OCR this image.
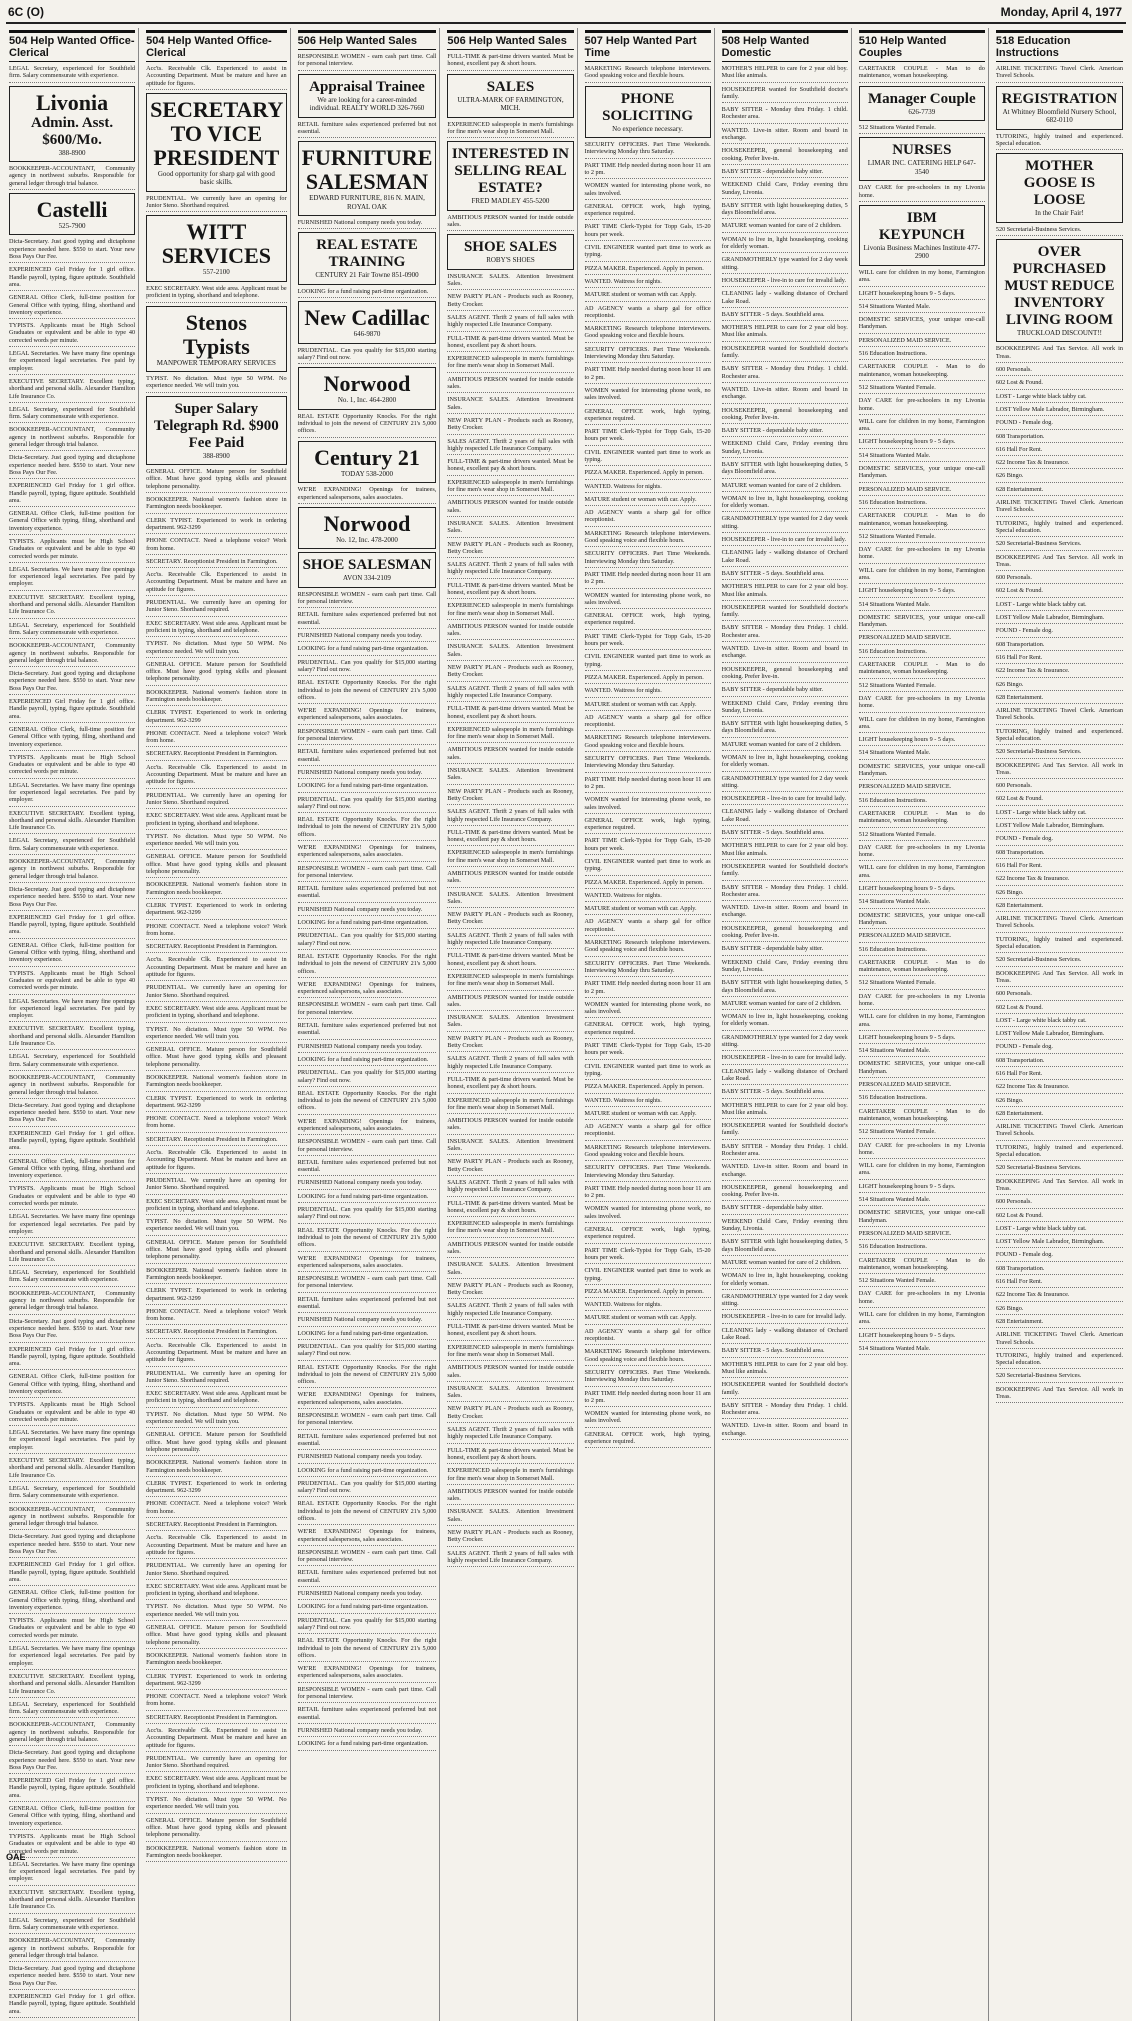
6C (O)	Monday, April 4, 1977
504 Help Wanted Office-Clerical
LEGAL Secretary, experienced for Southfield firm. Salary commensurate with experience.
Livonia
Admin. Asst. $600/Mo.
388-8900
BOOKKEEPER-ACCOUNTANT, Community agency in northwest suburbs. Responsible for general ledger through trial balance.
Castelli
525-7900
Dicta-Secretary. Just good typing and dictaphone experience needed here. $550 to start. Your new Boss Pays Our Fee.
EXPERIENCED Girl Friday for 1 girl office. Handle payroll, typing, figure aptitude. Southfield area.
GENERAL Office Clerk, full-time position for General Office with typing, filing, shorthand and inventory experience.
TYPISTS. Applicants must be High School Graduates or equivalent and be able to type 40 corrected words per minute.
LEGAL Secretaries. We have many fine openings for experienced legal secretaries. Fee paid by employer.
EXECUTIVE SECRETARY. Excellent typing, shorthand and personal skills. Alexander Hamilton Life Insurance Co.
LEGAL Secretary, experienced for Southfield firm. Salary commensurate with experience.
BOOKKEEPER-ACCOUNTANT, Community agency in northwest suburbs. Responsible for general ledger through trial balance.
Dicta-Secretary. Just good typing and dictaphone experience needed here. $550 to start. Your new Boss Pays Our Fee.
EXPERIENCED Girl Friday for 1 girl office. Handle payroll, typing, figure aptitude. Southfield area.
GENERAL Office Clerk, full-time position for General Office with typing, filing, shorthand and inventory experience.
TYPISTS. Applicants must be High School Graduates or equivalent and be able to type 40 corrected words per minute.
LEGAL Secretaries. We have many fine openings for experienced legal secretaries. Fee paid by employer.
EXECUTIVE SECRETARY. Excellent typing, shorthand and personal skills. Alexander Hamilton Life Insurance Co.
LEGAL Secretary, experienced for Southfield firm. Salary commensurate with experience.
BOOKKEEPER-ACCOUNTANT, Community agency in northwest suburbs. Responsible for general ledger through trial balance.
Dicta-Secretary. Just good typing and dictaphone experience needed here. $550 to start. Your new Boss Pays Our Fee.
EXPERIENCED Girl Friday for 1 girl office. Handle payroll, typing, figure aptitude. Southfield area.
GENERAL Office Clerk, full-time position for General Office with typing, filing, shorthand and inventory experience.
TYPISTS. Applicants must be High School Graduates or equivalent and be able to type 40 corrected words per minute.
LEGAL Secretaries. We have many fine openings for experienced legal secretaries. Fee paid by employer.
EXECUTIVE SECRETARY. Excellent typing, shorthand and personal skills. Alexander Hamilton Life Insurance Co.
LEGAL Secretary, experienced for Southfield firm. Salary commensurate with experience.
BOOKKEEPER-ACCOUNTANT, Community agency in northwest suburbs. Responsible for general ledger through trial balance.
Dicta-Secretary. Just good typing and dictaphone experience needed here. $550 to start. Your new Boss Pays Our Fee.
EXPERIENCED Girl Friday for 1 girl office. Handle payroll, typing, figure aptitude. Southfield area.
GENERAL Office Clerk, full-time position for General Office with typing, filing, shorthand and inventory experience.
TYPISTS. Applicants must be High School Graduates or equivalent and be able to type 40 corrected words per minute.
LEGAL Secretaries. We have many fine openings for experienced legal secretaries. Fee paid by employer.
EXECUTIVE SECRETARY. Excellent typing, shorthand and personal skills. Alexander Hamilton Life Insurance Co.
LEGAL Secretary, experienced for Southfield firm. Salary commensurate with experience.
BOOKKEEPER-ACCOUNTANT, Community agency in northwest suburbs. Responsible for general ledger through trial balance.
Dicta-Secretary. Just good typing and dictaphone experience needed here. $550 to start. Your new Boss Pays Our Fee.
EXPERIENCED Girl Friday for 1 girl office. Handle payroll, typing, figure aptitude. Southfield area.
GENERAL Office Clerk, full-time position for General Office with typing, filing, shorthand and inventory experience.
TYPISTS. Applicants must be High School Graduates or equivalent and be able to type 40 corrected words per minute.
LEGAL Secretaries. We have many fine openings for experienced legal secretaries. Fee paid by employer.
EXECUTIVE SECRETARY. Excellent typing, shorthand and personal skills. Alexander Hamilton Life Insurance Co.
LEGAL Secretary, experienced for Southfield firm. Salary commensurate with experience.
BOOKKEEPER-ACCOUNTANT, Community agency in northwest suburbs. Responsible for general ledger through trial balance.
Dicta-Secretary. Just good typing and dictaphone experience needed here. $550 to start. Your new Boss Pays Our Fee.
EXPERIENCED Girl Friday for 1 girl office. Handle payroll, typing, figure aptitude. Southfield area.
GENERAL Office Clerk, full-time position for General Office with typing, filing, shorthand and inventory experience.
TYPISTS. Applicants must be High School Graduates or equivalent and be able to type 40 corrected words per minute.
LEGAL Secretaries. We have many fine openings for experienced legal secretaries. Fee paid by employer.
EXECUTIVE SECRETARY. Excellent typing, shorthand and personal skills. Alexander Hamilton Life Insurance Co.
LEGAL Secretary, experienced for Southfield firm. Salary commensurate with experience.
BOOKKEEPER-ACCOUNTANT, Community agency in northwest suburbs. Responsible for general ledger through trial balance.
Dicta-Secretary. Just good typing and dictaphone experience needed here. $550 to start. Your new Boss Pays Our Fee.
EXPERIENCED Girl Friday for 1 girl office. Handle payroll, typing, figure aptitude. Southfield area.
GENERAL Office Clerk, full-time position for General Office with typing, filing, shorthand and inventory experience.
TYPISTS. Applicants must be High School Graduates or equivalent and be able to type 40 corrected words per minute.
LEGAL Secretaries. We have many fine openings for experienced legal secretaries. Fee paid by employer.
EXECUTIVE SECRETARY. Excellent typing, shorthand and personal skills. Alexander Hamilton Life Insurance Co.
LEGAL Secretary, experienced for Southfield firm. Salary commensurate with experience.
BOOKKEEPER-ACCOUNTANT, Community agency in northwest suburbs. Responsible for general ledger through trial balance.
Dicta-Secretary. Just good typing and dictaphone experience needed here. $550 to start. Your new Boss Pays Our Fee.
EXPERIENCED Girl Friday for 1 girl office. Handle payroll, typing, figure aptitude. Southfield area.
GENERAL Office Clerk, full-time position for General Office with typing, filing, shorthand and inventory experience.
TYPISTS. Applicants must be High School Graduates or equivalent and be able to type 40 corrected words per minute.
LEGAL Secretaries. We have many fine openings for experienced legal secretaries. Fee paid by employer.
EXECUTIVE SECRETARY. Excellent typing, shorthand and personal skills. Alexander Hamilton Life Insurance Co.
LEGAL Secretary, experienced for Southfield firm. Salary commensurate with experience.
BOOKKEEPER-ACCOUNTANT, Community agency in northwest suburbs. Responsible for general ledger through trial balance.
Dicta-Secretary. Just good typing and dictaphone experience needed here. $550 to start. Your new Boss Pays Our Fee.
EXPERIENCED Girl Friday for 1 girl office. Handle payroll, typing, figure aptitude. Southfield area.
504 Help Wanted Office-Clerical
Acc'ts. Receivable Clk. Experienced to assist in Accounting Department. Must be mature and have an aptitude for figures.
SECRETARY TO VICE PRESIDENT
Good opportunity for sharp gal with good basic skills.
PRUDENTIAL. We currently have an opening for Junior Steno. Shorthand required.
WITT SERVICES
557-2100
EXEC SECRETARY. West side area. Applicant must be proficient in typing, shorthand and telephone.
Stenos Typists
MANPOWER TEMPORARY SERVICES
TYPIST. No dictation. Must type 50 WPM. No experience needed. We will train you.
Super Salary Telegraph Rd. $900 Fee Paid
388-8900
GENERAL OFFICE. Mature person for Southfield office. Must have good typing skills and pleasant telephone personality.
BOOKKEEPER. National women's fashion store in Farmington needs bookkeeper.
CLERK TYPIST. Experienced to work in ordering department. 962-3299
PHONE CONTACT. Need a telephone voice? Work from home.
SECRETARY. Receptionist President in Farmington.
Acc'ts. Receivable Clk. Experienced to assist in Accounting Department. Must be mature and have an aptitude for figures.
PRUDENTIAL. We currently have an opening for Junior Steno. Shorthand required.
EXEC SECRETARY. West side area. Applicant must be proficient in typing, shorthand and telephone.
TYPIST. No dictation. Must type 50 WPM. No experience needed. We will train you.
GENERAL OFFICE. Mature person for Southfield office. Must have good typing skills and pleasant telephone personality.
BOOKKEEPER. National women's fashion store in Farmington needs bookkeeper.
CLERK TYPIST. Experienced to work in ordering department. 962-3299
PHONE CONTACT. Need a telephone voice? Work from home.
SECRETARY. Receptionist President in Farmington.
Acc'ts. Receivable Clk. Experienced to assist in Accounting Department. Must be mature and have an aptitude for figures.
PRUDENTIAL. We currently have an opening for Junior Steno. Shorthand required.
EXEC SECRETARY. West side area. Applicant must be proficient in typing, shorthand and telephone.
TYPIST. No dictation. Must type 50 WPM. No experience needed. We will train you.
GENERAL OFFICE. Mature person for Southfield office. Must have good typing skills and pleasant telephone personality.
BOOKKEEPER. National women's fashion store in Farmington needs bookkeeper.
CLERK TYPIST. Experienced to work in ordering department. 962-3299
PHONE CONTACT. Need a telephone voice? Work from home.
SECRETARY. Receptionist President in Farmington.
Acc'ts. Receivable Clk. Experienced to assist in Accounting Department. Must be mature and have an aptitude for figures.
PRUDENTIAL. We currently have an opening for Junior Steno. Shorthand required.
EXEC SECRETARY. West side area. Applicant must be proficient in typing, shorthand and telephone.
TYPIST. No dictation. Must type 50 WPM. No experience needed. We will train you.
GENERAL OFFICE. Mature person for Southfield office. Must have good typing skills and pleasant telephone personality.
BOOKKEEPER. National women's fashion store in Farmington needs bookkeeper.
CLERK TYPIST. Experienced to work in ordering department. 962-3299
PHONE CONTACT. Need a telephone voice? Work from home.
SECRETARY. Receptionist President in Farmington.
Acc'ts. Receivable Clk. Experienced to assist in Accounting Department. Must be mature and have an aptitude for figures.
PRUDENTIAL. We currently have an opening for Junior Steno. Shorthand required.
EXEC SECRETARY. West side area. Applicant must be proficient in typing, shorthand and telephone.
TYPIST. No dictation. Must type 50 WPM. No experience needed. We will train you.
GENERAL OFFICE. Mature person for Southfield office. Must have good typing skills and pleasant telephone personality.
BOOKKEEPER. National women's fashion store in Farmington needs bookkeeper.
CLERK TYPIST. Experienced to work in ordering department. 962-3299
PHONE CONTACT. Need a telephone voice? Work from home.
SECRETARY. Receptionist President in Farmington.
Acc'ts. Receivable Clk. Experienced to assist in Accounting Department. Must be mature and have an aptitude for figures.
PRUDENTIAL. We currently have an opening for Junior Steno. Shorthand required.
EXEC SECRETARY. West side area. Applicant must be proficient in typing, shorthand and telephone.
TYPIST. No dictation. Must type 50 WPM. No experience needed. We will train you.
GENERAL OFFICE. Mature person for Southfield office. Must have good typing skills and pleasant telephone personality.
BOOKKEEPER. National women's fashion store in Farmington needs bookkeeper.
CLERK TYPIST. Experienced to work in ordering department. 962-3299
PHONE CONTACT. Need a telephone voice? Work from home.
SECRETARY. Receptionist President in Farmington.
Acc'ts. Receivable Clk. Experienced to assist in Accounting Department. Must be mature and have an aptitude for figures.
PRUDENTIAL. We currently have an opening for Junior Steno. Shorthand required.
EXEC SECRETARY. West side area. Applicant must be proficient in typing, shorthand and telephone.
TYPIST. No dictation. Must type 50 WPM. No experience needed. We will train you.
GENERAL OFFICE. Mature person for Southfield office. Must have good typing skills and pleasant telephone personality.
BOOKKEEPER. National women's fashion store in Farmington needs bookkeeper.
CLERK TYPIST. Experienced to work in ordering department. 962-3299
PHONE CONTACT. Need a telephone voice? Work from home.
SECRETARY. Receptionist President in Farmington.
Acc'ts. Receivable Clk. Experienced to assist in Accounting Department. Must be mature and have an aptitude for figures.
PRUDENTIAL. We currently have an opening for Junior Steno. Shorthand required.
EXEC SECRETARY. West side area. Applicant must be proficient in typing, shorthand and telephone.
TYPIST. No dictation. Must type 50 WPM. No experience needed. We will train you.
GENERAL OFFICE. Mature person for Southfield office. Must have good typing skills and pleasant telephone personality.
BOOKKEEPER. National women's fashion store in Farmington needs bookkeeper.
506 Help Wanted Sales
RESPONSIBLE WOMEN - earn cash part time. Call for personal interview.
Appraisal Trainee
We are looking for a career-minded individual. REALTY WORLD 326-7660
RETAIL furniture sales experienced preferred but not essential.
FURNITURE SALESMAN
EDWARD FURNITURE, 816 N. MAIN, ROYAL OAK
FURNISHED National company needs you today.
REAL ESTATE TRAINING
CENTURY 21 Fair Towne 851-0900
LOOKING for a fund raising part-time organization.
New Cadillac
646-9870
PRUDENTIAL. Can you qualify for $15,000 starting salary? Find out now.
Norwood
No. 1, Inc. 464-2800
REAL ESTATE Opportunity Knocks. For the right individual to join the newest of CENTURY 21's 5,000 offices.
Century 21
TODAY 538-2000
WE'RE EXPANDING! Openings for trainees, experienced salespersons, sales associates.
Norwood
No. 12, Inc. 478-2000
SHOE SALESMAN
AVON 334-2109
RESPONSIBLE WOMEN - earn cash part time. Call for personal interview.
RETAIL furniture sales experienced preferred but not essential.
FURNISHED National company needs you today.
LOOKING for a fund raising part-time organization.
PRUDENTIAL. Can you qualify for $15,000 starting salary? Find out now.
REAL ESTATE Opportunity Knocks. For the right individual to join the newest of CENTURY 21's 5,000 offices.
WE'RE EXPANDING! Openings for trainees, experienced salespersons, sales associates.
RESPONSIBLE WOMEN - earn cash part time. Call for personal interview.
RETAIL furniture sales experienced preferred but not essential.
FURNISHED National company needs you today.
LOOKING for a fund raising part-time organization.
PRUDENTIAL. Can you qualify for $15,000 starting salary? Find out now.
REAL ESTATE Opportunity Knocks. For the right individual to join the newest of CENTURY 21's 5,000 offices.
WE'RE EXPANDING! Openings for trainees, experienced salespersons, sales associates.
RESPONSIBLE WOMEN - earn cash part time. Call for personal interview.
RETAIL furniture sales experienced preferred but not essential.
FURNISHED National company needs you today.
LOOKING for a fund raising part-time organization.
PRUDENTIAL. Can you qualify for $15,000 starting salary? Find out now.
REAL ESTATE Opportunity Knocks. For the right individual to join the newest of CENTURY 21's 5,000 offices.
WE'RE EXPANDING! Openings for trainees, experienced salespersons, sales associates.
RESPONSIBLE WOMEN - earn cash part time. Call for personal interview.
RETAIL furniture sales experienced preferred but not essential.
FURNISHED National company needs you today.
LOOKING for a fund raising part-time organization.
PRUDENTIAL. Can you qualify for $15,000 starting salary? Find out now.
REAL ESTATE Opportunity Knocks. For the right individual to join the newest of CENTURY 21's 5,000 offices.
WE'RE EXPANDING! Openings for trainees, experienced salespersons, sales associates.
RESPONSIBLE WOMEN - earn cash part time. Call for personal interview.
RETAIL furniture sales experienced preferred but not essential.
FURNISHED National company needs you today.
LOOKING for a fund raising part-time organization.
PRUDENTIAL. Can you qualify for $15,000 starting salary? Find out now.
REAL ESTATE Opportunity Knocks. For the right individual to join the newest of CENTURY 21's 5,000 offices.
WE'RE EXPANDING! Openings for trainees, experienced salespersons, sales associates.
RESPONSIBLE WOMEN - earn cash part time. Call for personal interview.
RETAIL furniture sales experienced preferred but not essential.
FURNISHED National company needs you today.
LOOKING for a fund raising part-time organization.
PRUDENTIAL. Can you qualify for $15,000 starting salary? Find out now.
REAL ESTATE Opportunity Knocks. For the right individual to join the newest of CENTURY 21's 5,000 offices.
WE'RE EXPANDING! Openings for trainees, experienced salespersons, sales associates.
RESPONSIBLE WOMEN - earn cash part time. Call for personal interview.
RETAIL furniture sales experienced preferred but not essential.
FURNISHED National company needs you today.
LOOKING for a fund raising part-time organization.
PRUDENTIAL. Can you qualify for $15,000 starting salary? Find out now.
REAL ESTATE Opportunity Knocks. For the right individual to join the newest of CENTURY 21's 5,000 offices.
WE'RE EXPANDING! Openings for trainees, experienced salespersons, sales associates.
RESPONSIBLE WOMEN - earn cash part time. Call for personal interview.
RETAIL furniture sales experienced preferred but not essential.
FURNISHED National company needs you today.
LOOKING for a fund raising part-time organization.
PRUDENTIAL. Can you qualify for $15,000 starting salary? Find out now.
REAL ESTATE Opportunity Knocks. For the right individual to join the newest of CENTURY 21's 5,000 offices.
WE'RE EXPANDING! Openings for trainees, experienced salespersons, sales associates.
RESPONSIBLE WOMEN - earn cash part time. Call for personal interview.
RETAIL furniture sales experienced preferred but not essential.
FURNISHED National company needs you today.
LOOKING for a fund raising part-time organization.
506 Help Wanted Sales
FULL-TIME & part-time drivers wanted. Must be honest, excellent pay & short hours.
SALES
ULTRA-MARK OF FARMINGTON, MICH.
EXPERIENCED salespeople in men's furnishings for fine men's wear shop in Somerset Mall.
INTERESTED IN SELLING REAL ESTATE?
FRED MADLEY 455-5200
AMBITIOUS PERSON wanted for inside outside sales.
SHOE SALES
ROBY'S SHOES
INSURANCE SALES. Attention Investment Sales.
NEW PARTY PLAN - Products such as Rooney, Betty Crocker.
SALES AGENT. Thrift 2 years of full sales with highly respected Life Insurance Company.
FULL-TIME & part-time drivers wanted. Must be honest, excellent pay & short hours.
EXPERIENCED salespeople in men's furnishings for fine men's wear shop in Somerset Mall.
AMBITIOUS PERSON wanted for inside outside sales.
INSURANCE SALES. Attention Investment Sales.
NEW PARTY PLAN - Products such as Rooney, Betty Crocker.
SALES AGENT. Thrift 2 years of full sales with highly respected Life Insurance Company.
FULL-TIME & part-time drivers wanted. Must be honest, excellent pay & short hours.
EXPERIENCED salespeople in men's furnishings for fine men's wear shop in Somerset Mall.
AMBITIOUS PERSON wanted for inside outside sales.
INSURANCE SALES. Attention Investment Sales.
NEW PARTY PLAN - Products such as Rooney, Betty Crocker.
SALES AGENT. Thrift 2 years of full sales with highly respected Life Insurance Company.
FULL-TIME & part-time drivers wanted. Must be honest, excellent pay & short hours.
EXPERIENCED salespeople in men's furnishings for fine men's wear shop in Somerset Mall.
AMBITIOUS PERSON wanted for inside outside sales.
INSURANCE SALES. Attention Investment Sales.
NEW PARTY PLAN - Products such as Rooney, Betty Crocker.
SALES AGENT. Thrift 2 years of full sales with highly respected Life Insurance Company.
FULL-TIME & part-time drivers wanted. Must be honest, excellent pay & short hours.
EXPERIENCED salespeople in men's furnishings for fine men's wear shop in Somerset Mall.
AMBITIOUS PERSON wanted for inside outside sales.
INSURANCE SALES. Attention Investment Sales.
NEW PARTY PLAN - Products such as Rooney, Betty Crocker.
SALES AGENT. Thrift 2 years of full sales with highly respected Life Insurance Company.
FULL-TIME & part-time drivers wanted. Must be honest, excellent pay & short hours.
EXPERIENCED salespeople in men's furnishings for fine men's wear shop in Somerset Mall.
AMBITIOUS PERSON wanted for inside outside sales.
INSURANCE SALES. Attention Investment Sales.
NEW PARTY PLAN - Products such as Rooney, Betty Crocker.
SALES AGENT. Thrift 2 years of full sales with highly respected Life Insurance Company.
FULL-TIME & part-time drivers wanted. Must be honest, excellent pay & short hours.
EXPERIENCED salespeople in men's furnishings for fine men's wear shop in Somerset Mall.
AMBITIOUS PERSON wanted for inside outside sales.
INSURANCE SALES. Attention Investment Sales.
NEW PARTY PLAN - Products such as Rooney, Betty Crocker.
SALES AGENT. Thrift 2 years of full sales with highly respected Life Insurance Company.
FULL-TIME & part-time drivers wanted. Must be honest, excellent pay & short hours.
EXPERIENCED salespeople in men's furnishings for fine men's wear shop in Somerset Mall.
AMBITIOUS PERSON wanted for inside outside sales.
INSURANCE SALES. Attention Investment Sales.
NEW PARTY PLAN - Products such as Rooney, Betty Crocker.
SALES AGENT. Thrift 2 years of full sales with highly respected Life Insurance Company.
FULL-TIME & part-time drivers wanted. Must be honest, excellent pay & short hours.
EXPERIENCED salespeople in men's furnishings for fine men's wear shop in Somerset Mall.
AMBITIOUS PERSON wanted for inside outside sales.
INSURANCE SALES. Attention Investment Sales.
NEW PARTY PLAN - Products such as Rooney, Betty Crocker.
SALES AGENT. Thrift 2 years of full sales with highly respected Life Insurance Company.
FULL-TIME & part-time drivers wanted. Must be honest, excellent pay & short hours.
EXPERIENCED salespeople in men's furnishings for fine men's wear shop in Somerset Mall.
AMBITIOUS PERSON wanted for inside outside sales.
INSURANCE SALES. Attention Investment Sales.
NEW PARTY PLAN - Products such as Rooney, Betty Crocker.
SALES AGENT. Thrift 2 years of full sales with highly respected Life Insurance Company.
FULL-TIME & part-time drivers wanted. Must be honest, excellent pay & short hours.
EXPERIENCED salespeople in men's furnishings for fine men's wear shop in Somerset Mall.
AMBITIOUS PERSON wanted for inside outside sales.
INSURANCE SALES. Attention Investment Sales.
NEW PARTY PLAN - Products such as Rooney, Betty Crocker.
SALES AGENT. Thrift 2 years of full sales with highly respected Life Insurance Company.
507 Help Wanted Part Time
MARKETING Research telephone interviewers. Good speaking voice and flexible hours.
PHONE SOLICITING
No experience necessary.
SECURITY OFFICERS. Part Time Weekends. Interviewing Monday thru Saturday.
PART TIME Help needed during noon hour 11 am to 2 pm.
WOMEN wanted for interesting phone work, no sales involved.
GENERAL OFFICE work, high typing, experience required.
PART TIME Clerk-Typist for Topp Gals, 15-20 hours per week.
CIVIL ENGINEER wanted part time to work as typing.
PIZZA MAKER. Experienced. Apply in person.
WANTED. Waitress for nights.
MATURE student or woman with car. Apply.
AD AGENCY wants a sharp gal for office receptionist.
MARKETING Research telephone interviewers. Good speaking voice and flexible hours.
SECURITY OFFICERS. Part Time Weekends. Interviewing Monday thru Saturday.
PART TIME Help needed during noon hour 11 am to 2 pm.
WOMEN wanted for interesting phone work, no sales involved.
GENERAL OFFICE work, high typing, experience required.
PART TIME Clerk-Typist for Topp Gals, 15-20 hours per week.
CIVIL ENGINEER wanted part time to work as typing.
PIZZA MAKER. Experienced. Apply in person.
WANTED. Waitress for nights.
MATURE student or woman with car. Apply.
AD AGENCY wants a sharp gal for office receptionist.
MARKETING Research telephone interviewers. Good speaking voice and flexible hours.
SECURITY OFFICERS. Part Time Weekends. Interviewing Monday thru Saturday.
PART TIME Help needed during noon hour 11 am to 2 pm.
WOMEN wanted for interesting phone work, no sales involved.
GENERAL OFFICE work, high typing, experience required.
PART TIME Clerk-Typist for Topp Gals, 15-20 hours per week.
CIVIL ENGINEER wanted part time to work as typing.
PIZZA MAKER. Experienced. Apply in person.
WANTED. Waitress for nights.
MATURE student or woman with car. Apply.
AD AGENCY wants a sharp gal for office receptionist.
MARKETING Research telephone interviewers. Good speaking voice and flexible hours.
SECURITY OFFICERS. Part Time Weekends. Interviewing Monday thru Saturday.
PART TIME Help needed during noon hour 11 am to 2 pm.
WOMEN wanted for interesting phone work, no sales involved.
GENERAL OFFICE work, high typing, experience required.
PART TIME Clerk-Typist for Topp Gals, 15-20 hours per week.
CIVIL ENGINEER wanted part time to work as typing.
PIZZA MAKER. Experienced. Apply in person.
WANTED. Waitress for nights.
MATURE student or woman with car. Apply.
AD AGENCY wants a sharp gal for office receptionist.
MARKETING Research telephone interviewers. Good speaking voice and flexible hours.
SECURITY OFFICERS. Part Time Weekends. Interviewing Monday thru Saturday.
PART TIME Help needed during noon hour 11 am to 2 pm.
WOMEN wanted for interesting phone work, no sales involved.
GENERAL OFFICE work, high typing, experience required.
PART TIME Clerk-Typist for Topp Gals, 15-20 hours per week.
CIVIL ENGINEER wanted part time to work as typing.
PIZZA MAKER. Experienced. Apply in person.
WANTED. Waitress for nights.
MATURE student or woman with car. Apply.
AD AGENCY wants a sharp gal for office receptionist.
MARKETING Research telephone interviewers. Good speaking voice and flexible hours.
SECURITY OFFICERS. Part Time Weekends. Interviewing Monday thru Saturday.
PART TIME Help needed during noon hour 11 am to 2 pm.
WOMEN wanted for interesting phone work, no sales involved.
GENERAL OFFICE work, high typing, experience required.
PART TIME Clerk-Typist for Topp Gals, 15-20 hours per week.
CIVIL ENGINEER wanted part time to work as typing.
PIZZA MAKER. Experienced. Apply in person.
WANTED. Waitress for nights.
MATURE student or woman with car. Apply.
AD AGENCY wants a sharp gal for office receptionist.
MARKETING Research telephone interviewers. Good speaking voice and flexible hours.
SECURITY OFFICERS. Part Time Weekends. Interviewing Monday thru Saturday.
PART TIME Help needed during noon hour 11 am to 2 pm.
WOMEN wanted for interesting phone work, no sales involved.
GENERAL OFFICE work, high typing, experience required.
508 Help Wanted Domestic
MOTHER'S HELPER to care for 2 year old boy. Must like animals.
HOUSEKEEPER wanted for Southfield doctor's family.
BABY SITTER - Monday thru Friday. 1 child. Rochester area.
WANTED. Live-in sitter. Room and board in exchange.
HOUSEKEEPER, general housekeeping and cooking. Prefer live-in.
BABY SITTER - dependable baby sitter.
WEEKEND Child Care, Friday evening thru Sunday, Livonia.
BABY SITTER with light housekeeping duties, 5 days Bloomfield area.
MATURE woman wanted for care of 2 children.
WOMAN to live in, light housekeeping, cooking for elderly woman.
GRANDMOTHERLY type wanted for 2 day week sitting.
HOUSEKEEPER - live-in to care for invalid lady.
CLEANING lady - walking distance of Orchard Lake Road.
BABY SITTER - 5 days. Southfield area.
MOTHER'S HELPER to care for 2 year old boy. Must like animals.
HOUSEKEEPER wanted for Southfield doctor's family.
BABY SITTER - Monday thru Friday. 1 child. Rochester area.
WANTED. Live-in sitter. Room and board in exchange.
HOUSEKEEPER, general housekeeping and cooking. Prefer live-in.
BABY SITTER - dependable baby sitter.
WEEKEND Child Care, Friday evening thru Sunday, Livonia.
BABY SITTER with light housekeeping duties, 5 days Bloomfield area.
MATURE woman wanted for care of 2 children.
WOMAN to live in, light housekeeping, cooking for elderly woman.
GRANDMOTHERLY type wanted for 2 day week sitting.
HOUSEKEEPER - live-in to care for invalid lady.
CLEANING lady - walking distance of Orchard Lake Road.
BABY SITTER - 5 days. Southfield area.
MOTHER'S HELPER to care for 2 year old boy. Must like animals.
HOUSEKEEPER wanted for Southfield doctor's family.
BABY SITTER - Monday thru Friday. 1 child. Rochester area.
WANTED. Live-in sitter. Room and board in exchange.
HOUSEKEEPER, general housekeeping and cooking. Prefer live-in.
BABY SITTER - dependable baby sitter.
WEEKEND Child Care, Friday evening thru Sunday, Livonia.
BABY SITTER with light housekeeping duties, 5 days Bloomfield area.
MATURE woman wanted for care of 2 children.
WOMAN to live in, light housekeeping, cooking for elderly woman.
GRANDMOTHERLY type wanted for 2 day week sitting.
HOUSEKEEPER - live-in to care for invalid lady.
CLEANING lady - walking distance of Orchard Lake Road.
BABY SITTER - 5 days. Southfield area.
MOTHER'S HELPER to care for 2 year old boy. Must like animals.
HOUSEKEEPER wanted for Southfield doctor's family.
BABY SITTER - Monday thru Friday. 1 child. Rochester area.
WANTED. Live-in sitter. Room and board in exchange.
HOUSEKEEPER, general housekeeping and cooking. Prefer live-in.
BABY SITTER - dependable baby sitter.
WEEKEND Child Care, Friday evening thru Sunday, Livonia.
BABY SITTER with light housekeeping duties, 5 days Bloomfield area.
MATURE woman wanted for care of 2 children.
WOMAN to live in, light housekeeping, cooking for elderly woman.
GRANDMOTHERLY type wanted for 2 day week sitting.
HOUSEKEEPER - live-in to care for invalid lady.
CLEANING lady - walking distance of Orchard Lake Road.
BABY SITTER - 5 days. Southfield area.
MOTHER'S HELPER to care for 2 year old boy. Must like animals.
HOUSEKEEPER wanted for Southfield doctor's family.
BABY SITTER - Monday thru Friday. 1 child. Rochester area.
WANTED. Live-in sitter. Room and board in exchange.
HOUSEKEEPER, general housekeeping and cooking. Prefer live-in.
BABY SITTER - dependable baby sitter.
WEEKEND Child Care, Friday evening thru Sunday, Livonia.
BABY SITTER with light housekeeping duties, 5 days Bloomfield area.
MATURE woman wanted for care of 2 children.
WOMAN to live in, light housekeeping, cooking for elderly woman.
GRANDMOTHERLY type wanted for 2 day week sitting.
HOUSEKEEPER - live-in to care for invalid lady.
CLEANING lady - walking distance of Orchard Lake Road.
BABY SITTER - 5 days. Southfield area.
MOTHER'S HELPER to care for 2 year old boy. Must like animals.
HOUSEKEEPER wanted for Southfield doctor's family.
BABY SITTER - Monday thru Friday. 1 child. Rochester area.
WANTED. Live-in sitter. Room and board in exchange.
510 Help Wanted Couples
CARETAKER COUPLE - Man to do maintenance, woman housekeeping.
Manager Couple
626-7739
512 Situations Wanted Female.
NURSES
LIMAR INC. CATERING HELP 647-3540
DAY CARE for pre-schoolers in my Livonia home.
IBM KEYPUNCH
Livonia Business Machines Institute 477-2900
WILL care for children in my home, Farmington area.
LIGHT housekeeping hours 9 - 5 days.
514 Situations Wanted Male.
DOMESTIC SERVICES, your unique one-call Handyman.
PERSONALIZED MAID SERVICE.
516 Education Instructions.
CARETAKER COUPLE - Man to do maintenance, woman housekeeping.
512 Situations Wanted Female.
DAY CARE for pre-schoolers in my Livonia home.
WILL care for children in my home, Farmington area.
LIGHT housekeeping hours 9 - 5 days.
514 Situations Wanted Male.
DOMESTIC SERVICES, your unique one-call Handyman.
PERSONALIZED MAID SERVICE.
516 Education Instructions.
CARETAKER COUPLE - Man to do maintenance, woman housekeeping.
512 Situations Wanted Female.
DAY CARE for pre-schoolers in my Livonia home.
WILL care for children in my home, Farmington area.
LIGHT housekeeping hours 9 - 5 days.
514 Situations Wanted Male.
DOMESTIC SERVICES, your unique one-call Handyman.
PERSONALIZED MAID SERVICE.
516 Education Instructions.
CARETAKER COUPLE - Man to do maintenance, woman housekeeping.
512 Situations Wanted Female.
DAY CARE for pre-schoolers in my Livonia home.
WILL care for children in my home, Farmington area.
LIGHT housekeeping hours 9 - 5 days.
514 Situations Wanted Male.
DOMESTIC SERVICES, your unique one-call Handyman.
PERSONALIZED MAID SERVICE.
516 Education Instructions.
CARETAKER COUPLE - Man to do maintenance, woman housekeeping.
512 Situations Wanted Female.
DAY CARE for pre-schoolers in my Livonia home.
WILL care for children in my home, Farmington area.
LIGHT housekeeping hours 9 - 5 days.
514 Situations Wanted Male.
DOMESTIC SERVICES, your unique one-call Handyman.
PERSONALIZED MAID SERVICE.
516 Education Instructions.
CARETAKER COUPLE - Man to do maintenance, woman housekeeping.
512 Situations Wanted Female.
DAY CARE for pre-schoolers in my Livonia home.
WILL care for children in my home, Farmington area.
LIGHT housekeeping hours 9 - 5 days.
514 Situations Wanted Male.
DOMESTIC SERVICES, your unique one-call Handyman.
PERSONALIZED MAID SERVICE.
516 Education Instructions.
CARETAKER COUPLE - Man to do maintenance, woman housekeeping.
512 Situations Wanted Female.
DAY CARE for pre-schoolers in my Livonia home.
WILL care for children in my home, Farmington area.
LIGHT housekeeping hours 9 - 5 days.
514 Situations Wanted Male.
DOMESTIC SERVICES, your unique one-call Handyman.
PERSONALIZED MAID SERVICE.
516 Education Instructions.
CARETAKER COUPLE - Man to do maintenance, woman housekeeping.
512 Situations Wanted Female.
DAY CARE for pre-schoolers in my Livonia home.
WILL care for children in my home, Farmington area.
LIGHT housekeeping hours 9 - 5 days.
514 Situations Wanted Male.
518 Education Instructions
AIRLINE TICKETING Travel Clerk. American Travel Schools.
REGISTRATION
At Whitney Bloomfield Nursery School, 682-0110
TUTORING, highly trained and experienced. Special education.
MOTHER GOOSE IS LOOSE
In the Chair Fair!
520 Secretarial-Business Services.
OVER PURCHASED MUST REDUCE INVENTORY LIVING ROOM
TRUCKLOAD DISCOUNT!!
BOOKKEEPING And Tax Service. All work in Treas.
600 Personals.
602 Lost & Found.
LOST - Large white black tabby cat.
LOST Yellow Male Labrador, Birmingham.
FOUND - Female dog.
608 Transportation.
616 Hall For Rent.
622 Income Tax & Insurance.
626 Bingo.
628 Entertainment.
AIRLINE TICKETING Travel Clerk. American Travel Schools.
TUTORING, highly trained and experienced. Special education.
520 Secretarial-Business Services.
BOOKKEEPING And Tax Service. All work in Treas.
600 Personals.
602 Lost & Found.
LOST - Large white black tabby cat.
LOST Yellow Male Labrador, Birmingham.
FOUND - Female dog.
608 Transportation.
616 Hall For Rent.
622 Income Tax & Insurance.
626 Bingo.
628 Entertainment.
AIRLINE TICKETING Travel Clerk. American Travel Schools.
TUTORING, highly trained and experienced. Special education.
520 Secretarial-Business Services.
BOOKKEEPING And Tax Service. All work in Treas.
600 Personals.
602 Lost & Found.
LOST - Large white black tabby cat.
LOST Yellow Male Labrador, Birmingham.
FOUND - Female dog.
608 Transportation.
616 Hall For Rent.
622 Income Tax & Insurance.
626 Bingo.
628 Entertainment.
AIRLINE TICKETING Travel Clerk. American Travel Schools.
TUTORING, highly trained and experienced. Special education.
520 Secretarial-Business Services.
BOOKKEEPING And Tax Service. All work in Treas.
600 Personals.
602 Lost & Found.
LOST - Large white black tabby cat.
LOST Yellow Male Labrador, Birmingham.
FOUND - Female dog.
608 Transportation.
616 Hall For Rent.
622 Income Tax & Insurance.
626 Bingo.
628 Entertainment.
AIRLINE TICKETING Travel Clerk. American Travel Schools.
TUTORING, highly trained and experienced. Special education.
520 Secretarial-Business Services.
BOOKKEEPING And Tax Service. All work in Treas.
600 Personals.
602 Lost & Found.
LOST - Large white black tabby cat.
LOST Yellow Male Labrador, Birmingham.
FOUND - Female dog.
608 Transportation.
616 Hall For Rent.
622 Income Tax & Insurance.
626 Bingo.
628 Entertainment.
AIRLINE TICKETING Travel Clerk. American Travel Schools.
TUTORING, highly trained and experienced. Special education.
520 Secretarial-Business Services.
BOOKKEEPING And Tax Service. All work in Treas.
OAE
